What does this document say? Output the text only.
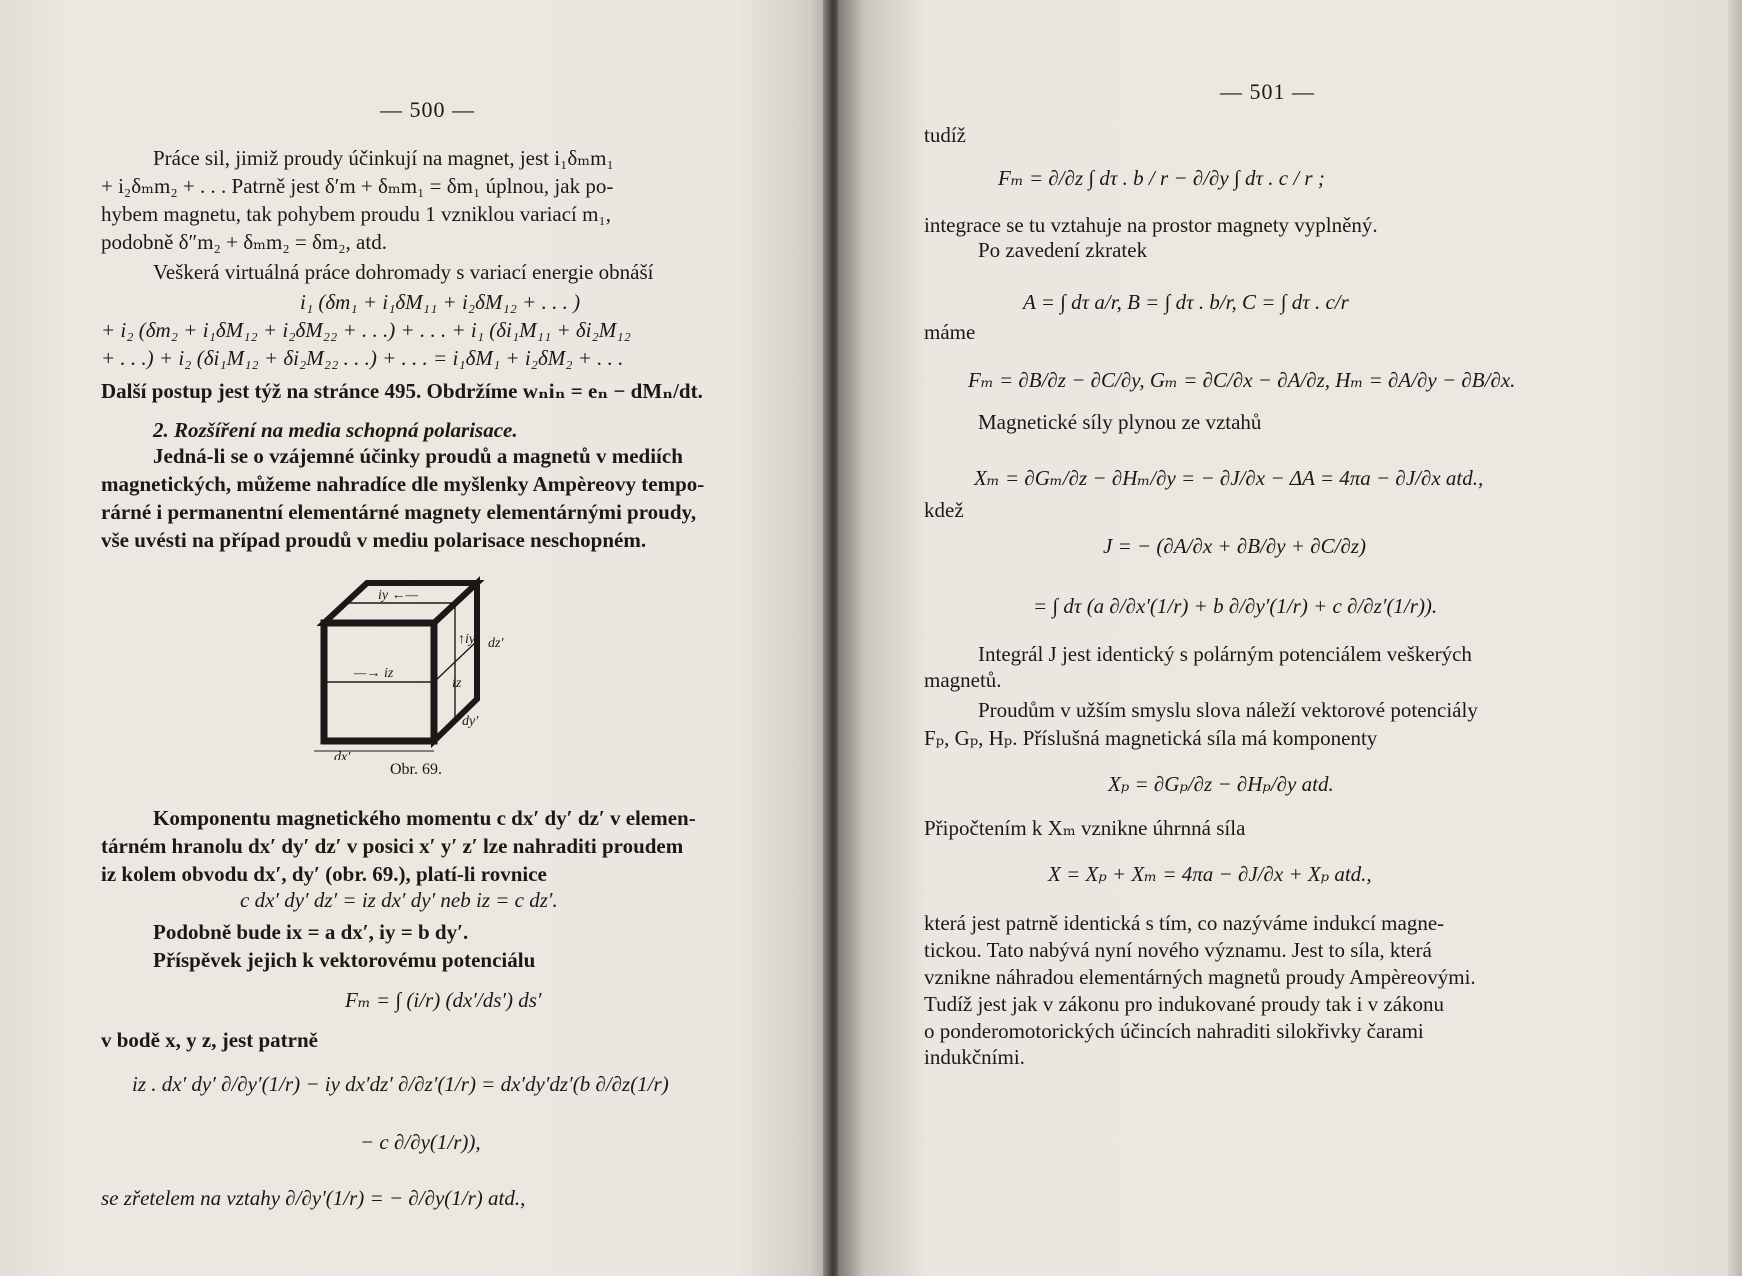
— 500 —
Práce sil, jimiž proudy účinkují na magnet, jest i₁δₘm₁
+ i₂δₘm₂ + . . . Patrně jest δ′m + δₘm₁ = δm₁ úplnou, jak po-
hybem magnetu, tak pohybem proudu 1 vzniklou variací m₁,
podobně δ″m₂ + δₘm₂ = δm₂, atd.
Veškerá virtuálná práce dohromady s variací energie obnáší
i₁ (δm₁ + i₁δM₁₁ + i₂δM₁₂ + . . . )
+ i₂ (δm₂ + i₁δM₁₂ + i₂δM₂₂ + . . .) + . . . + i₁ (δi₁M₁₁ + δi₂M₁₂
+ . . .) + i₂ (δi₁M₁₂ + δi₂M₂₂ . . .) + . . . = i₁δM₁ + i₂δM₂ + . . .
Další postup jest týž na stránce 495. Obdržíme wₙiₙ = eₙ − dMₙ/dt.
2. Rozšíření na media schopná polarisace.
Jedná-li se o vzájemné účinky proudů a magnetů v mediích
magnetických, můžeme nahradíce dle myšlenky Ampèreovy tempo-
rárné i permanentní elementárné magnety elementárnými proudy,
vše uvésti na případ proudů v mediu polarisace neschopném.
iy ←—
↑iy dz′
—→ iz
iz
dy′
dx′
Obr. 69.
Komponentu magnetického momentu c dx′ dy′ dz′ v elemen-
tárném hranolu dx′ dy′ dz′ v posici x′ y′ z′ lze nahraditi proudem
iz kolem obvodu dx′, dy′ (obr. 69.), platí-li rovnice
c dx′ dy′ dz′ = iz dx′ dy′ neb iz = c dz′.
Podobně bude ix = a dx′, iy = b dy′.
Příspěvek jejich k vektorovému potenciálu
Fₘ = ∫ (i/r) (dx′/ds′) ds′
v bodě x, y z, jest patrně
iz . dx′ dy′ ∂/∂y′(1/r) − iy dx′dz′ ∂/∂z′(1/r) = dx′dy′dz′(b ∂/∂z(1/r)
− c ∂/∂y(1/r)),
se zřetelem na vztahy ∂/∂y′(1/r) = − ∂/∂y(1/r) atd.,
— 501 —
tudíž
Fₘ = ∂/∂z ∫ dτ . b / r − ∂/∂y ∫ dτ . c / r ;
integrace se tu vztahuje na prostor magnety vyplněný.
Po zavedení zkratek
A = ∫ dτ a/r, B = ∫ dτ . b/r, C = ∫ dτ . c/r
máme
Fₘ = ∂B/∂z − ∂C/∂y, Gₘ = ∂C/∂x − ∂A/∂z, Hₘ = ∂A/∂y − ∂B/∂x.
Magnetické síly plynou ze vztahů
Xₘ = ∂Gₘ/∂z − ∂Hₘ/∂y = − ∂J/∂x − ΔA = 4πa − ∂J/∂x atd.,
kdež
J = − (∂A/∂x + ∂B/∂y + ∂C/∂z)
= ∫ dτ (a ∂/∂x′(1/r) + b ∂/∂y′(1/r) + c ∂/∂z′(1/r)).
Integrál J jest identický s polárným potenciálem veškerých
magnetů.
Proudům v užším smyslu slova náleží vektorové potenciály
Fₚ, Gₚ, Hₚ. Příslušná magnetická síla má komponenty
Xₚ = ∂Gₚ/∂z − ∂Hₚ/∂y atd.
Připočtením k Xₘ vznikne úhrnná síla
X = Xₚ + Xₘ = 4πa − ∂J/∂x + Xₚ atd.,
která jest patrně identická s tím, co nazýváme indukcí magne-
tickou. Tato nabývá nyní nového významu. Jest to síla, která
vznikne náhradou elementárných magnetů proudy Ampèreovými.
Tudíž jest jak v zákonu pro indukované proudy tak i v zákonu
o ponderomotorických účincích nahraditi silokřivky čarami
indukčními.
